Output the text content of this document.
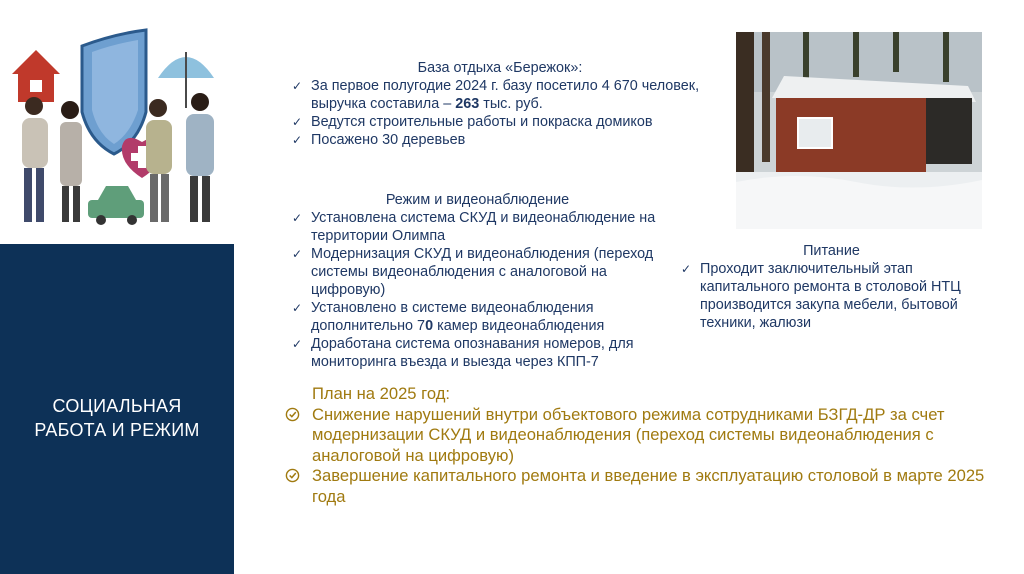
СОЦИАЛЬНАЯ
РАБОТА И РЕЖИМ
База отдыха «Бережок»:
✓ За первое полугодие 2024 г. базу посетило 4 670 человек, выручка составила – 263 тыс. руб.
✓ Ведутся строительные работы и покраска домиков
✓ Посажено 30 деревьев
Режим и видеонаблюдение
✓ Установлена система СКУД и видеонаблюдение на территории Олимпа
✓ Модернизация СКУД и видеонаблюдения (переход системы видеонаблюдения с аналоговой на цифровую)
✓ Установлено в системе видеонаблюдения дополнительно 70 камер видеонаблюдения
✓ Доработана система опознавания номеров, для мониторинга въезда и выезда через КПП-7
Питание
✓ Проходит заключительный этап капитального ремонта в столовой НТЦ производится закупа мебели, бытовой техники, жалюзи
План на 2025 год:
Снижение нарушений внутри объектового режима сотрудниками БЗГД-ДР за счет модернизации СКУД и видеонаблюдения (переход системы видеонаблюдения с аналоговой на цифровую)
Завершение капитального ремонта и введение в эксплуатацию столовой в марте 2025 года
